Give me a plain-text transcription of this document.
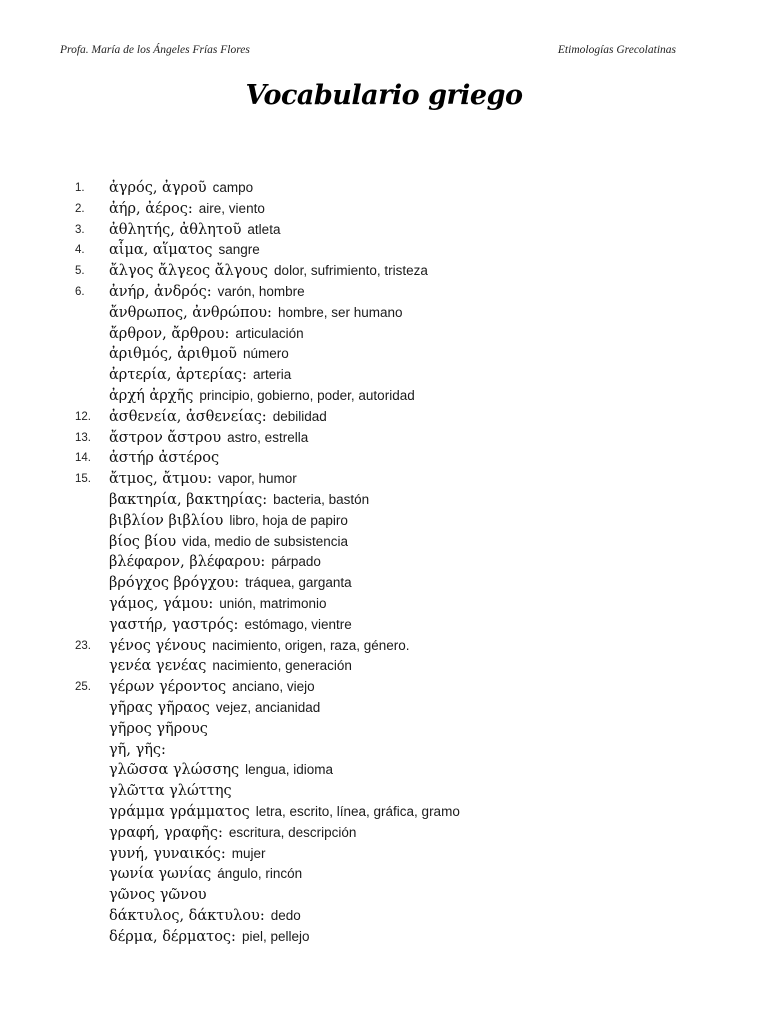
Profa. María de los Ángeles Frías Flores	Etimologías Grecolatinas
Vocabulario griego
1. ἀγρός, ἀγροῦ campo
2. ἀήρ, ἀέρος: aire, viento
3. ἀθλητής, ἀθλητοῦ atleta
4. αἷμα, αἵματος sangre
5. ἄλγος ἄλγεος ἄλγους dolor, sufrimiento, tristeza
6. ἀνήρ, ἀνδρός: varón, hombre
ἄνθρωπος, ἀνθρώπου: hombre, ser humano
ἄρθρον, ἄρθρου: articulación
ἀριθμός, ἀριθμοῦ número
ἀρτερία, ἀρτερίας: arteria
ἀρχή ἀρχῆς principio, gobierno, poder, autoridad
12. ἀσθενεία, ἀσθενείας: debilidad
13. ἄστρον ἄστρου astro, estrella
14. ἀστήρ ἀστέρος
15. ἄτμος, ἄτμου: vapor, humor
βακτηρία, βακτηρίας: bacteria, bastón
βιβλίον βιβλίου libro, hoja de papiro
βίος βίου vida, medio de subsistencia
βλέφαρον, βλέφαρου: párpado
βρόγχος βρόγχου: tráquea, garganta
γάμος, γάμου: unión, matrimonio
γαστήρ, γαστρός: estómago, vientre
23. γένος γένους nacimiento, origen, raza, género.
γενέα γενέας nacimiento, generación
25. γέρων γέροντος anciano, viejo
γῆρας γῆραος vejez, ancianidad
γῆρος γῆρους
γῆ, γῆς:
γλῶσσα γλώσσης lengua, idioma
γλῶττα γλώττης
γράμμα γράμματος letra, escrito, línea, gráfica, gramo
γραφή, γραφῆς: escritura, descripción
γυνή, γυναικός: mujer
γωνία γωνίας ángulo, rincón
γῶνος γῶνου
δάκτυλος, δάκτυλου: dedo
δέρμα, δέρματος: piel, pellejo
